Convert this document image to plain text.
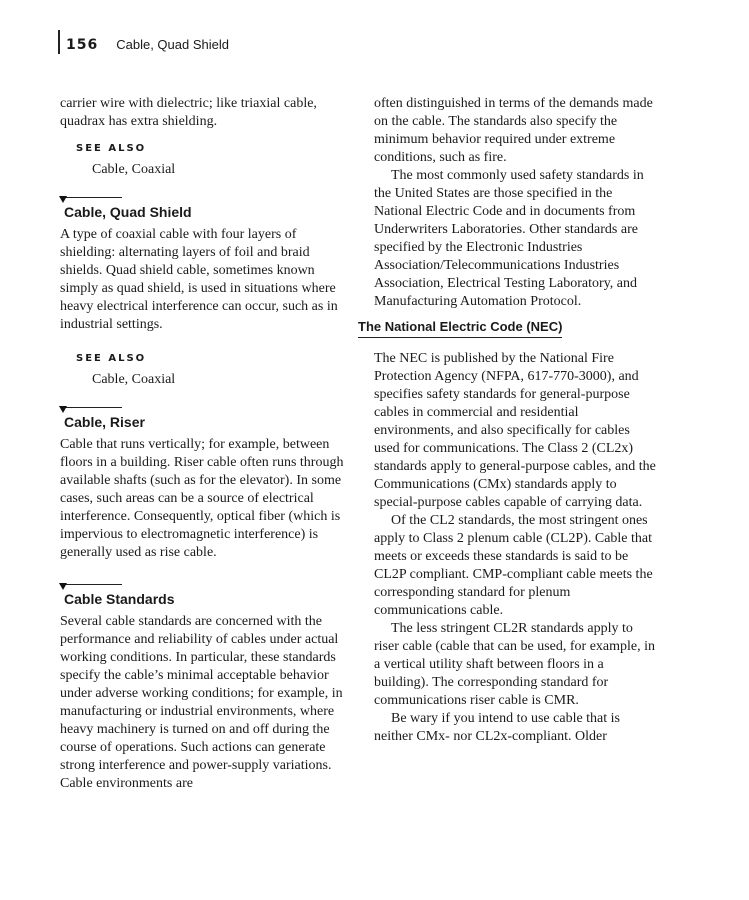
156 Cable, Quad Shield

carrier wire with dielectric; like triaxial cable, quadrax has extra shielding.

SEE ALSO
Cable, Coaxial
Cable, Quad Shield

A type of coaxial cable with four layers of shielding: alternating layers of foil and braid shields. Quad shield cable, sometimes known simply as quad shield, is used in situations where heavy electrical interference can occur, such as in industrial settings.

SEE ALSO
Cable, Coaxial
Cable, Riser

Cable that runs vertically; for example, between floors in a building. Riser cable often runs through available shafts (such as for the elevator). In some cases, such areas can be a source of electrical interference. Consequently, optical fiber (which is impervious to electromagnetic interference) is generally used as rise cable.

Cable Standards

Several cable standards are concerned with the performance and reliability of cables under actual working conditions. In particular, these standards specify the cable’s minimal acceptable behavior under adverse working conditions; for example, in manufacturing or industrial environments, where heavy machinery is turned on and off during the course of operations. Such actions can generate strong interference and power-supply variations. Cable environments are

often distinguished in terms of the demands made on the cable. The standards also specify the minimum behavior required under extreme conditions, such as fire.

The most commonly used safety standards in the United States are those specified in the National Electric Code and in documents from Underwriters Laboratories. Other standards are specified by the Electronic Industries Association/Telecommunications Industries Association, Electrical Testing Laboratory, and Manufacturing Automation Protocol.

The National Electric Code (NEC)

The NEC is published by the National Fire Protection Agency (NFPA, 617-770-3000), and specifies safety standards for general-purpose cables in commercial and residential environments, and also specifically for cables used for communications. The Class 2 (CL2x) standards apply to general-purpose cables, and the Communications (CMx) standards apply to special-purpose cables capable of carrying data.

Of the CL2 standards, the most stringent ones apply to Class 2 plenum cable (CL2P). Cable that meets or exceeds these standards is said to be CL2P compliant. CMP-compliant cable meets the corresponding standard for plenum communications cable.

The less stringent CL2R standards apply to riser cable (cable that can be used, for example, in a vertical utility shaft between floors in a building). The corresponding standard for communications riser cable is CMR.

Be wary if you intend to use cable that is neither CMx- nor CL2x-compliant. Older
